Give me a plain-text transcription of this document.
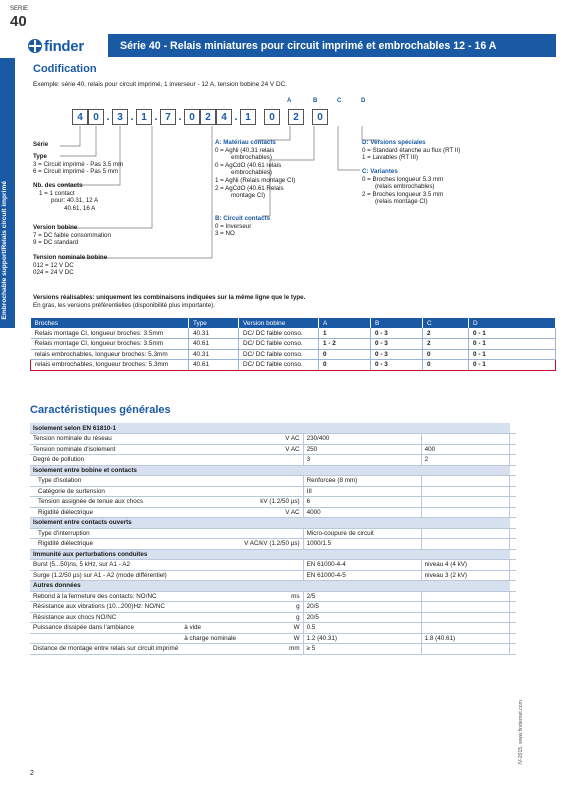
SERIE
40
finder	Série 40 - Relais miniatures pour circuit imprimé et embrochables 12 - 16 A
Embrochable support/Relais circuit imprimé
Codification
Exemple: série 40, relais pour circuit imprimé, 1 inverseur - 12 A, tension bobine 24 V DC.
A	B	C	D
4	0 . 3 . 1 . 7 . 0	2	4 . 1	0	2	0
Série
Type
3 = Circuit imprimé - Pas 3.5 mm
6 = Circuit imprimé - Pas 5 mm
Nb. des contacts
1 = 1 contact
pour: 40.31, 12 A
40.61, 16 A
Version bobine
7 = DC faible consommation
9 = DC standard
Tension nominale bobine
012 = 12 V DC
024 = 24 V DC
A: Matériau contacts
0 = AgNi (40.31 relais
embrochables)
0 = AgCdO (40.61 relais
embrochables)
1 = AgNi (Relais montage CI)
2 = AgCdO (40.61 Relais
montage CI)
B: Circuit contacts
0 = Inverseur
3 = NO
D: Versions spéciales
0 = Standard étanche au flux (RT II)
1 = Lavables (RT III)
C: Variantes
0 = Broches longueur 5.3 mm
(relais embrochables)
2 = Broches longueur 3.5 mm
(relais montage CI)
Versions réalisables: uniquement les combinaisons indiquées sur la même ligne que le type.
En gras, les versions préférentielles (disponibilité plus importante).
Broches	Type	Version bobine	A	B	C	D
Relais montage CI, longueur broches: 3.5mm	40.31	DC/ DC faible conso.	1	0 - 3	2	0 - 1
Relais montage CI, longueur broches: 3.5mm	40.61	DC/ DC faible conso.	1 - 2	0 - 3	2	0 - 1
relais embrochables, longueur broches: 5.3mm	40.31	DC/ DC faible conso.	0	0 - 3	0	0 - 1
relais embrochables, longueur broches: 5.3mm	40.61	DC/ DC faible conso.	0	0 - 3	0	0 - 1
Caractéristiques générales
Isolement selon EN 61810-1					
Tension nominale du réseau		V AC	230/400		
Tension nominale d'isolement		V AC	250	400	
Degré de pollution			3	2	
Isolement entre bobine et contacts					
Type d'isolation			Renforcée (8 mm)		
Catégorie de surtension			III		
Tension assignée de tenue aux chocs		kV (1.2/50 µs)	6		
Rigidité diélectrique		V AC	4000		
Isolement entre contacts ouverts					
Type d'interruption			Micro-coupure de circuit		
Rigidité diélectrique		V AC/kV (1.2/50 µs)	1000/1.5		
Immunité aux perturbations conduites					
Burst (5...50)ns, 5 kHz, sur A1 - A2			EN 61000-4-4	niveau 4 (4 kV)	
Surge (1.2/50 µs) sur A1 - A2 (mode différentiel)			EN 61000-4-5	niveau 3 (2 kV)	
Autres données					
Rebond à la fermeture des contacts: NO/NC		ms	2/5		
Résistance aux vibrations (10...200)Hz: NO/NC		g	20/5		
Résistance aux chocs NO/NC		g	20/5		
Puissance dissipée dans l'ambiance	à vide	W	0.5		
	à charge nominale	W	1.2 (40.31)	1.8 (40.61)	
Distance de montage entre relais sur circuit imprimé		mm	≥ 5		
2
IV-2015, www.findernet.com
